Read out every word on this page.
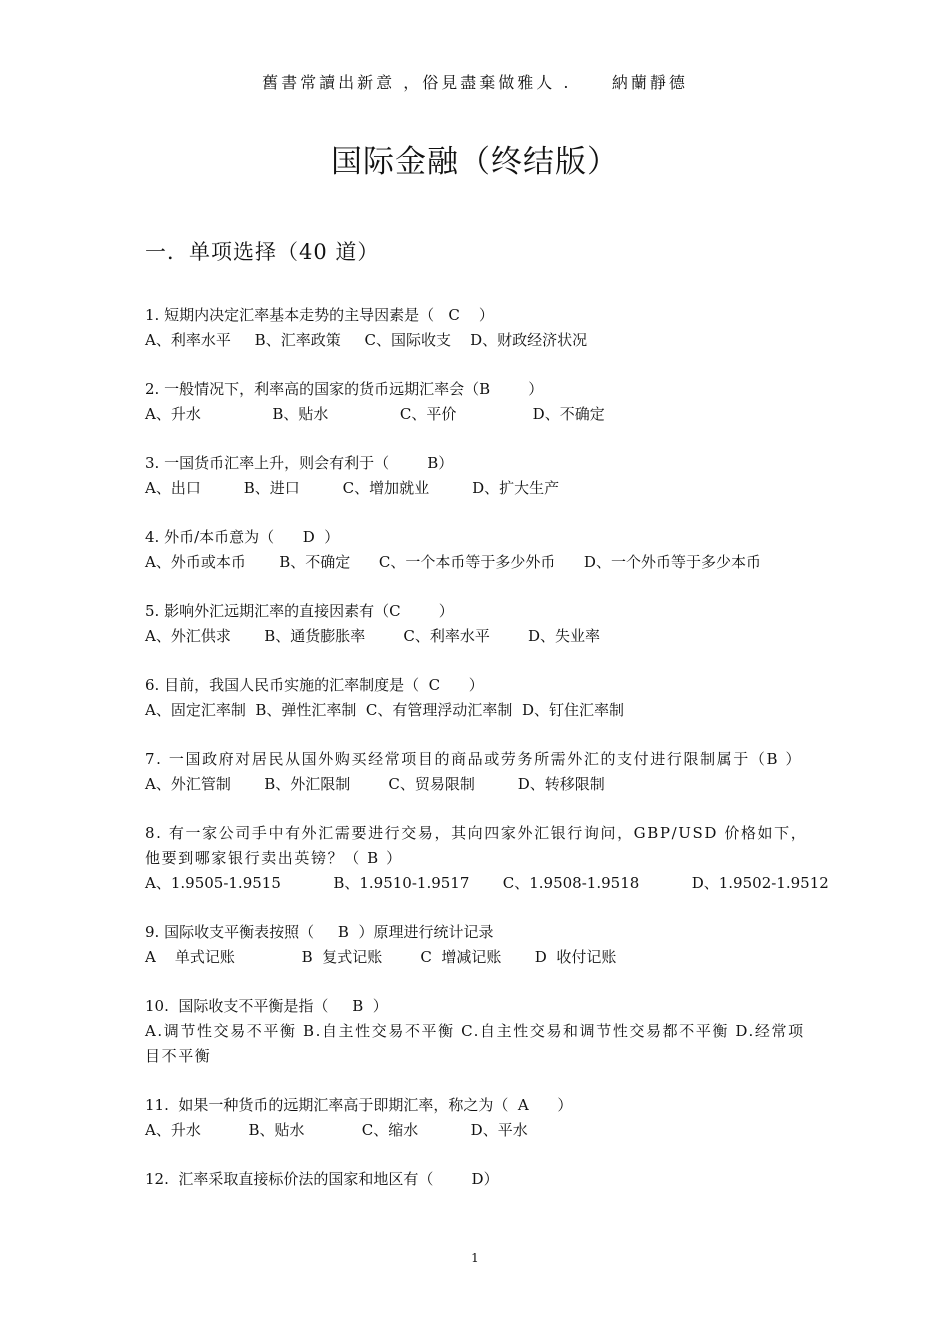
舊書常讀出新意 ，俗見盡棄做雅人 .     納蘭靜德
国际金融（终结版）
一．单项选择（40 道）
1. 短期内决定汇率基本走势的主导因素是（   C    ）
A、利率水平     B、汇率政策     C、国际收支    D、财政经济状况
2. 一般情况下，利率高的国家的货币远期汇率会（B        ）
A、升水               B、贴水               C、平价                D、不确定
3. 一国货币汇率上升，则会有利于（        B）
A、出口         B、进口         C、增加就业         D、扩大生产
4. 外币/本币意为（      D  ）
A、外币或本币       B、不确定      C、一个本币等于多少外币      D、一个外币等于多少本币
5. 影响外汇远期汇率的直接因素有（C        ）
A、外汇供求       B、通货膨胀率        C、利率水平        D、失业率
6. 目前，我国人民币实施的汇率制度是（  C      ）
A、固定汇率制  B、弹性汇率制  C、有管理浮动汇率制  D、钉住汇率制
7. 一国政府对居民从国外购买经常项目的商品或劳务所需外汇的支付进行限制属于（B ）
A、外汇管制       B、外汇限制        C、贸易限制         D、转移限制
8. 有一家公司手中有外汇需要进行交易，其向四家外汇银行询问，GBP/USD 价格如下，他要到哪家银行卖出英镑？（ B ）
A、1.9505-1.9515           B、1.9510-1.9517       C、1.9508-1.9518           D、1.9502-1.9512
9. 国际收支平衡表按照（     B  ）原理进行统计记录
A    单式记账              B  复式记账        C  增减记账       D  收付记账
10.  国际收支不平衡是指（     B  ）
A.调节性交易不平衡 B.自主性交易不平衡 C.自主性交易和调节性交易都不平衡 D.经常项目不平衡
11.  如果一种货币的远期汇率高于即期汇率，称之为（  A      ）
A、升水          B、贴水            C、缩水           D、平水
12.  汇率采取直接标价法的国家和地区有（        D）
1
